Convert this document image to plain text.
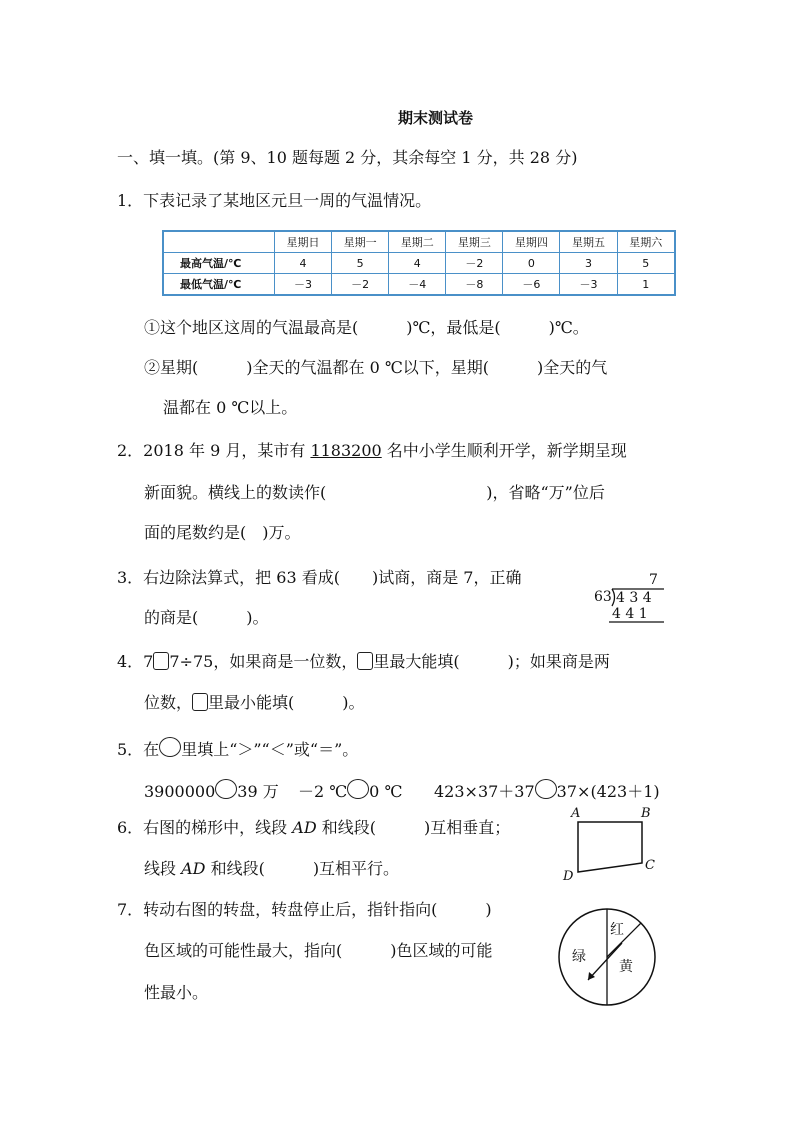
期末测试卷
一、填一填。(第 9、10 题每题 2 分，其余每空 1 分，共 28 分)
1．下表记录了某地区元旦一周的气温情况。
	星期日	星期一	星期二	星期三	星期四	星期五	星期六
最高气温/℃	4	5	4	－2	0	3	5
最低气温/℃	－3	－2	－4	－8	－6	－3	1
①这个地区这周的气温最高是(　　　)℃，最低是(　　　)℃。
②星期(　　　)全天的气温都在 0 ℃以下，星期(　　　)全天的气
温都在 0 ℃以上。
2．2018 年 9 月，某市有 1183200 名中小学生顺利开学，新学期呈现
新面貌。横线上的数读作(　　　　　　　　　　)，省略“万”位后
面的尾数约是(　)万。
3．右边除法算式，把 63 看成(　　)试商，商是 7，正确
的商是(　　　)。
7
63 4 3 4
4 4 1
4．7 7÷75，如果商是一位数， 里最大能填(　　　)；如果商是两
位数， 里最小能填(　　　)。
5．在 里填上“＞”“＜”或“＝”。
3900000 39 万 －2 ℃ 0 ℃ 423×37＋37 37×(423＋1)
6．右图的梯形中，线段 AD 和线段(　　　)互相垂直；
线段 AD 和线段(　　　)互相平行。
A	B
C
D
7．转动右图的转盘，转盘停止后，指针指向(　　　)
色区域的可能性最大，指向(　　　)色区域的可能
性最小。
红
黄
绿
